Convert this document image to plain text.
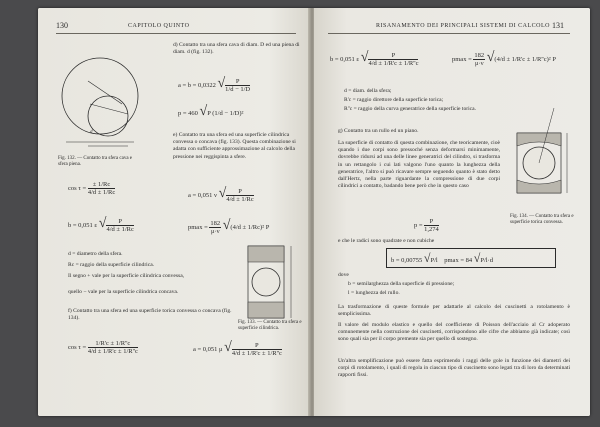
130	CAPITOLO QUINTO
d
Fig. 132. — Contatto tra sfera cava e sfera piena.
d) Contatto tra una sfera cava di diam. D ed una piena di diam. d (fig. 132).
a = b = 0,0322 √ $\frac{P}{1/d - 1/D}$
p = 460 √P (1/d − 1/D)²
e) Contatto tra una sfera ed una superficie cilindrica convessa o concava (fig. 133). Questa combinazione si adatta con sufficiente approssimazione al calcolo della pressione nei reggispinta a sfere.
$\cos \tau = \frac{\pm 1/Rc}{4/d \pm 1/Rc}$	a = 0,051 ν √ $\frac{P}{4/d \pm 1/Rc}$
b = 0,051 ε √ $\frac{P}{4/d \pm 1/Rc}$	$pmax = \frac{182}{\mu\cdot\nu} √(4/d \pm 1/Rc)^2$ P
d = diametro della sfera.
Rc = raggio della superficie cilindrica.
Il segno + vale per la superficie cilindrica convessa,
quello − vale per la superficie cilindrica concava.
Fig. 133. — Contatto tra sfera e superficie cilindrica.
f) Contatto tra una sfera ed una superficie torica convessa o concava (fig. 134).
$\cos \tau = \frac{1/R'c \pm 1/R''c}{4/d \pm 1/R'c \pm 1/R''c}$	a = 0,051 μ √ $\frac{P}{4/d \pm 1/R'c \pm 1/R''c}$
RISANAMENTO DEI PRINCIPALI SISTEMI DI CALCOLO 131
b = 0,051 ε √ $\frac{P}{4/d \pm 1/R'c \pm 1/R''c}$	$pmax = \frac{182}{\mu\cdot\nu} √(4/d \pm 1/R'c \pm 1/R''c)^2$ P
d = diam. della sfera;
R'c = raggio direttore della superficie torica;
R''c = raggio della curva generatrice della superficie torica.
g) Contatto tra un rullo ed un piano.
La superficie di contatto di questa combinazione, che teoricamente, cioè quando i due corpi sono pressoché senza deformarsi minimamente, dovrebbe ridursi ad una delle linee generatrici del cilindro, si trasforma in un rettangolo i cui lati valgono l'uno quanto la lunghezza della generatrice, l'altro si può ricavare sempre seguendo quanto è stato detto dall'Hertz, nella parte riguardante la compressione di due corpi cilindrici a contatto, badando bene però che in questo caso
$p = \frac{P}{1,274}$
e che le radici sono quadrate e non cubiche
b = 0,00755 √P/l    pmax = 84 √P/l·d
dove
b = semilarghezza della superficie di pressione;
l = lunghezza del rullo.
La trasformazione di queste formule per adattarle al calcolo dei cuscinetti a rotolamento è semplicissima.
Il valore del modulo elastico e quello del coefficiente di Poisson dell'acciaio al Cr adoperato comunemente nella costruzione dei cuscinetti, corrispondono alle cifre che abbiamo già indicate; così sono quali sia per il corpo premente sia per quello di sostegno.
Un'altra semplificazione può essere fatta esprimendo i raggi delle gole in funzione dei diametri dei corpi di rotolamento, i quali di regola in ciascun tipo di cuscinetto sono legati tra di loro da determinati rapporti fissi.
Fig. 134. — Contatto tra sfera e superficie torica convessa.
